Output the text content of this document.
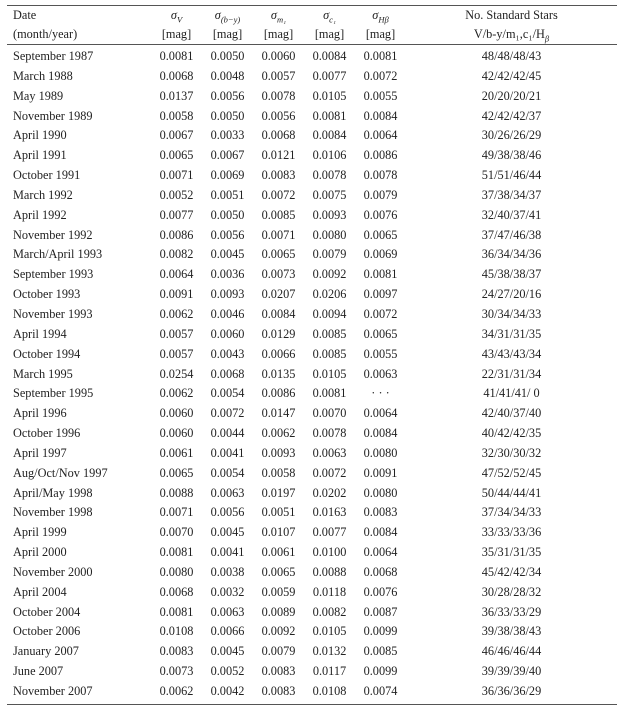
Date	$\sigma_V$	$\sigma_{(b-y)}$	$\sigma_{m_1}$	$\sigma_{c_1}$	$\sigma_{H\beta}$	No. Standard Stars
(month/year)	[mag]	[mag]	[mag]	[mag]	[mag]	$V/b-y/m_1,c_1/H_\beta$
September 1987	0.0081	0.0050	0.0060	0.0084	0.0081	48/48/48/43
March 1988	0.0068	0.0048	0.0057	0.0077	0.0072	42/42/42/45
May 1989	0.0137	0.0056	0.0078	0.0105	0.0055	20/20/20/21
November 1989	0.0058	0.0050	0.0056	0.0081	0.0084	42/42/42/37
April 1990	0.0067	0.0033	0.0068	0.0084	0.0064	30/26/26/29
April 1991	0.0065	0.0067	0.0121	0.0106	0.0086	49/38/38/46
October 1991	0.0071	0.0069	0.0083	0.0078	0.0078	51/51/46/44
March 1992	0.0052	0.0051	0.0072	0.0075	0.0079	37/38/34/37
April 1992	0.0077	0.0050	0.0085	0.0093	0.0076	32/40/37/41
November 1992	0.0086	0.0056	0.0071	0.0080	0.0065	37/47/46/38
March/April 1993	0.0082	0.0045	0.0065	0.0079	0.0069	36/34/34/36
September 1993	0.0064	0.0036	0.0073	0.0092	0.0081	45/38/38/37
October 1993	0.0091	0.0093	0.0207	0.0206	0.0097	24/27/20/16
November 1993	0.0062	0.0046	0.0084	0.0094	0.0072	30/34/34/33
April 1994	0.0057	0.0060	0.0129	0.0085	0.0065	34/31/31/35
October 1994	0.0057	0.0043	0.0066	0.0085	0.0055	43/43/43/34
March 1995	0.0254	0.0068	0.0135	0.0105	0.0063	22/31/31/34
September 1995	0.0062	0.0054	0.0086	0.0081	· · ·	41/41/41/ 0
April 1996	0.0060	0.0072	0.0147	0.0070	0.0064	42/40/37/40
October 1996	0.0060	0.0044	0.0062	0.0078	0.0084	40/42/42/35
April 1997	0.0061	0.0041	0.0093	0.0063	0.0080	32/30/30/32
Aug/Oct/Nov 1997	0.0065	0.0054	0.0058	0.0072	0.0091	47/52/52/45
April/May 1998	0.0088	0.0063	0.0197	0.0202	0.0080	50/44/44/41
November 1998	0.0071	0.0056	0.0051	0.0163	0.0083	37/34/34/33
April 1999	0.0070	0.0045	0.0107	0.0077	0.0084	33/33/33/36
April 2000	0.0081	0.0041	0.0061	0.0100	0.0064	35/31/31/35
November 2000	0.0080	0.0038	0.0065	0.0088	0.0068	45/42/42/34
April 2004	0.0068	0.0032	0.0059	0.0118	0.0076	30/28/28/32
October 2004	0.0081	0.0063	0.0089	0.0082	0.0087	36/33/33/29
October 2006	0.0108	0.0066	0.0092	0.0105	0.0099	39/38/38/43
January 2007	0.0083	0.0045	0.0079	0.0132	0.0085	46/46/46/44
June 2007	0.0073	0.0052	0.0083	0.0117	0.0099	39/39/39/40
November 2007	0.0062	0.0042	0.0083	0.0108	0.0074	36/36/36/29
